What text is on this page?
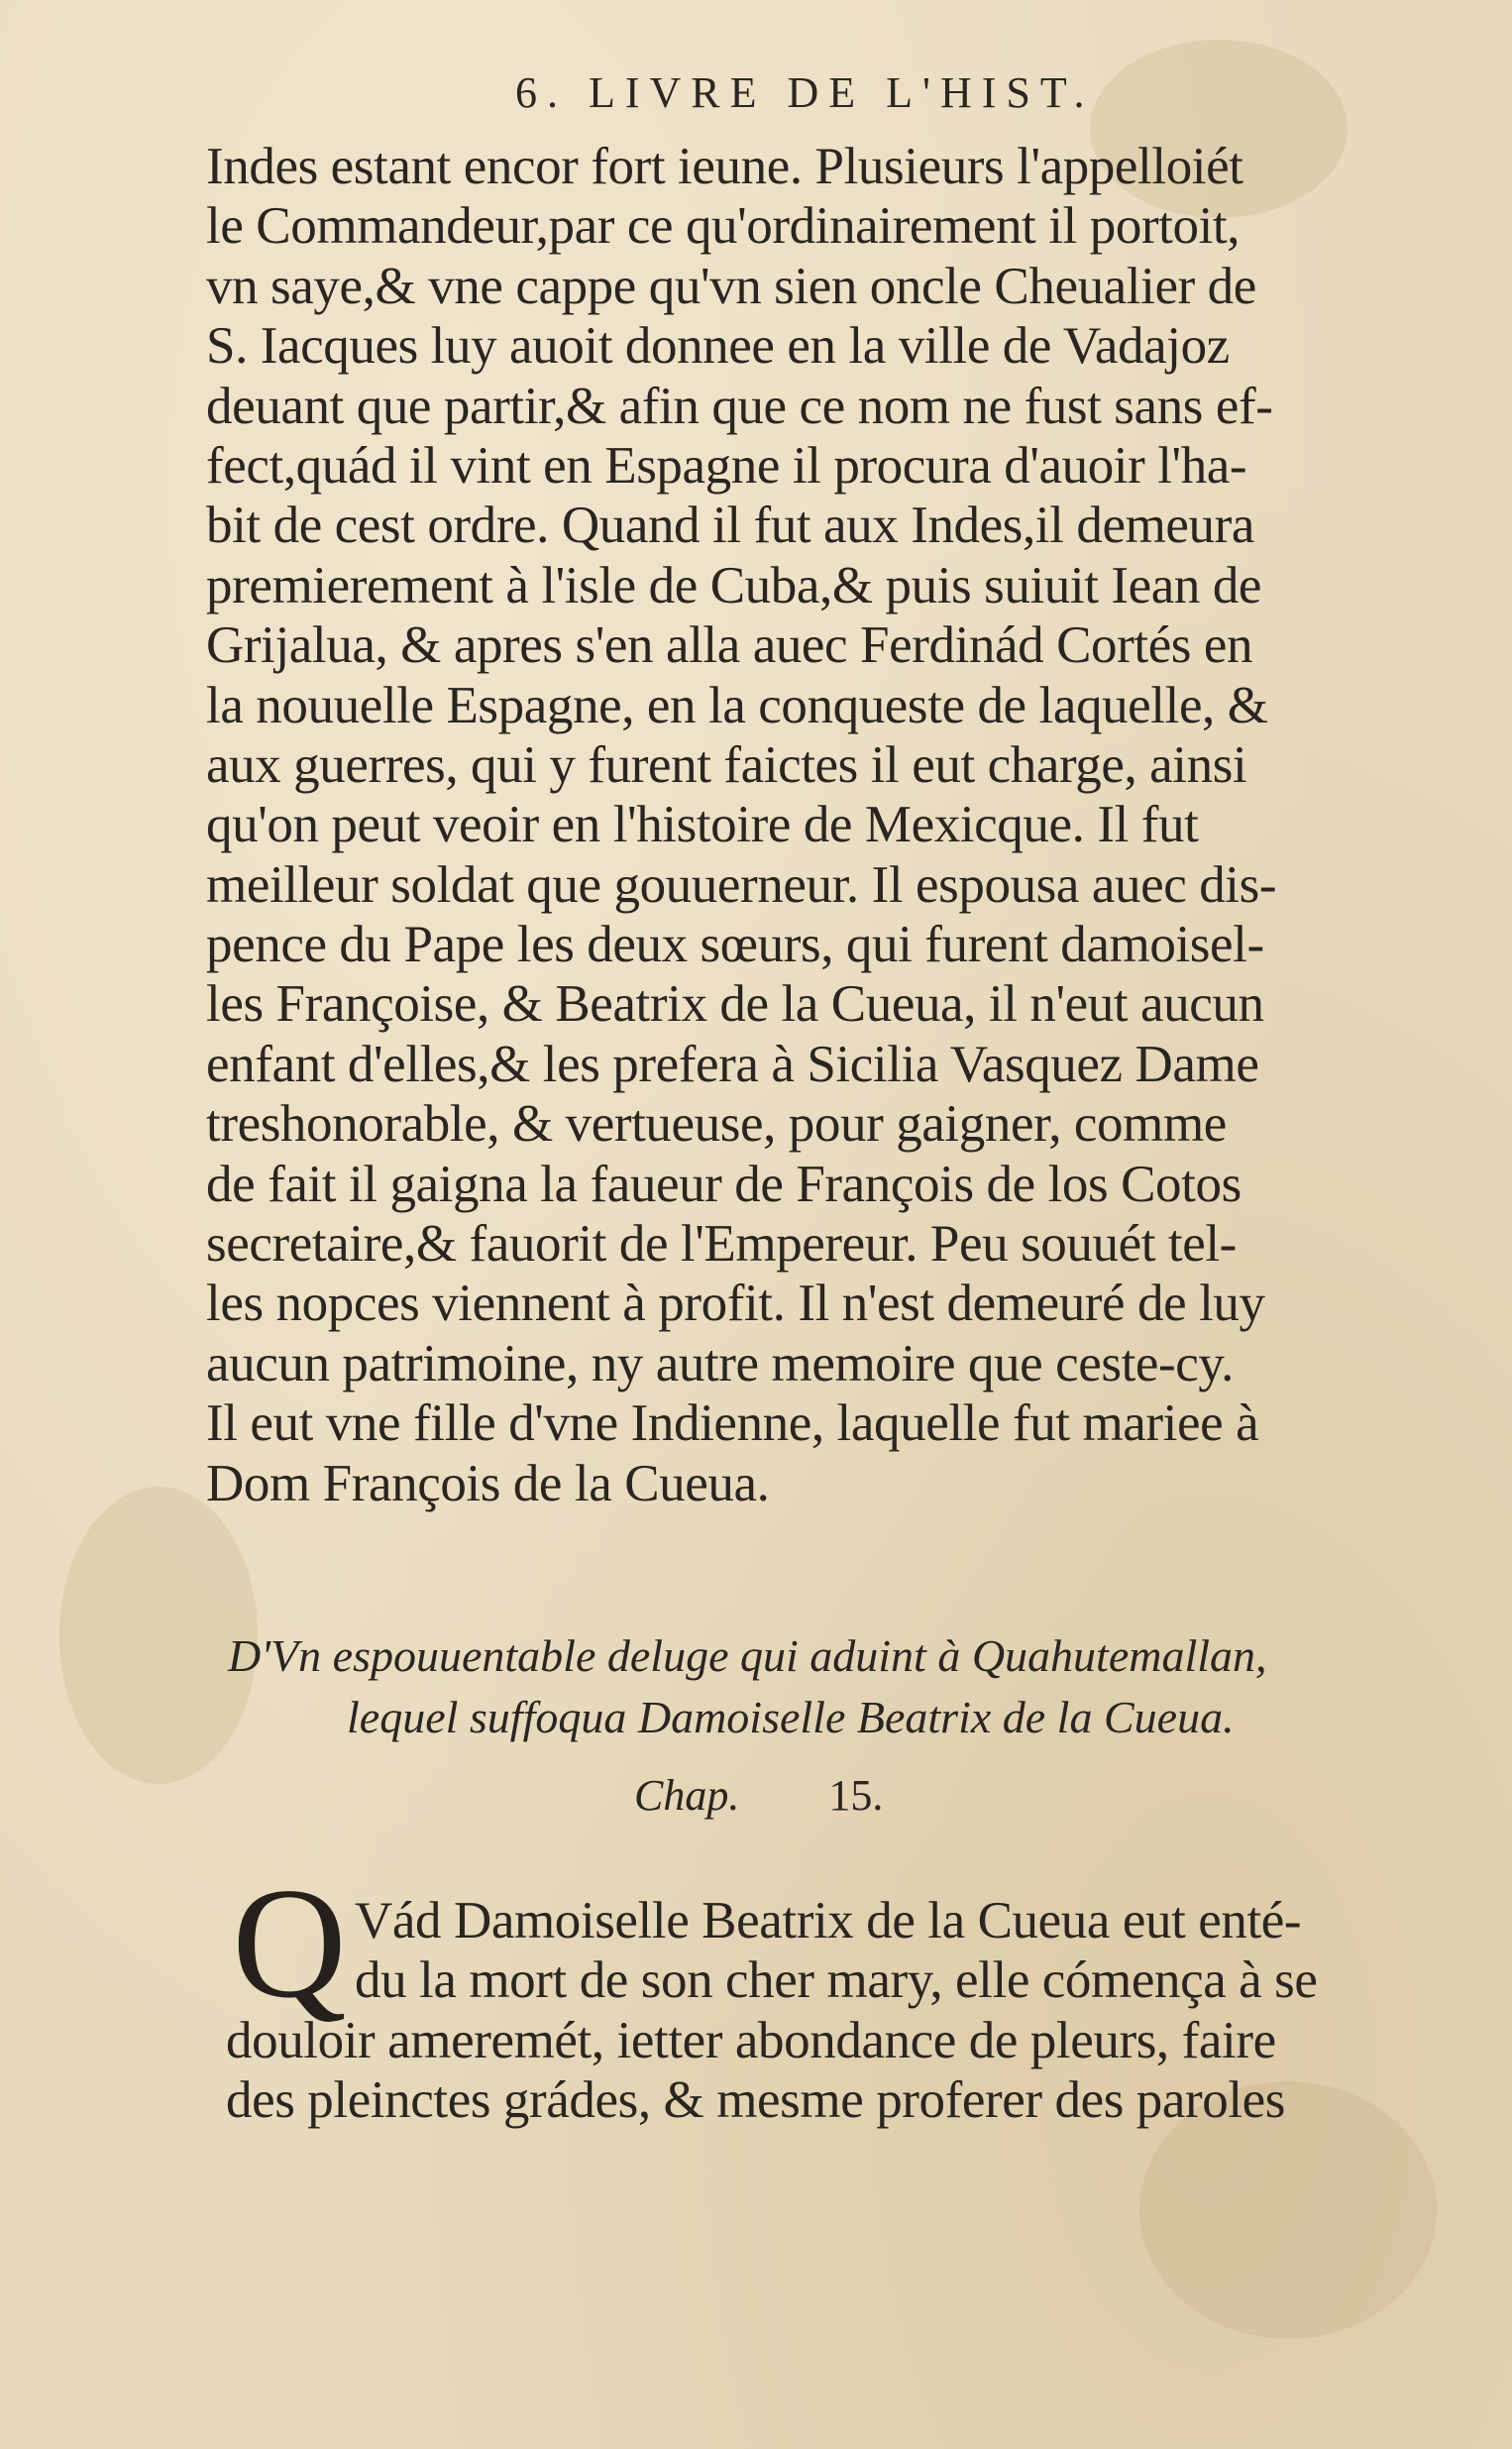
6. LIVRE DE L'HIST.
Indes estant encor fort ieune. Plusieurs l'appelloiét
le Commandeur,par ce qu'ordinairement il portoit,
vn saye,& vne cappe qu'vn sien oncle Cheualier de
S. Iacques luy auoit donnee en la ville de Vadajoz
deuant que partir,& afin que ce nom ne fust sans ef-
fect,quád il vint en Espagne il procura d'auoir l'ha-
bit de cest ordre. Quand il fut aux Indes,il demeura
premierement à l'isle de Cuba,& puis suiuit Iean de
Grijalua, & apres s'en alla auec Ferdinád Cortés en
la nouuelle Espagne, en la conqueste de laquelle, &
aux guerres, qui y furent faictes il eut charge, ainsi
qu'on peut veoir en l'histoire de Mexicque. Il fut
meilleur soldat que gouuerneur. Il espousa auec dis-
pence du Pape les deux sœurs, qui furent damoisel-
les Françoise, & Beatrix de la Cueua, il n'eut aucun
enfant d'elles,& les prefera à Sicilia Vasquez Dame
treshonorable, & vertueuse, pour gaigner, comme
de fait il gaigna la faueur de François de los Cotos
secretaire,& fauorit de l'Empereur. Peu souuét tel-
les nopces viennent à profit. Il n'est demeuré de luy
aucun patrimoine, ny autre memoire que ceste-cy.
Il eut vne fille d'vne Indienne, laquelle fut mariee à
Dom François de la Cueua.
D'Vn espouuentable deluge qui aduint à Quahutemallan,
lequel suffoqua Damoiselle Beatrix de la Cueua.
Chap. 15.
Q Vád Damoiselle Beatrix de la Cueua eut enté-
du la mort de son cher mary, elle cómença à se
douloir ameremét, ietter abondance de pleurs, faire
des pleinctes grádes, & mesme proferer des paroles
